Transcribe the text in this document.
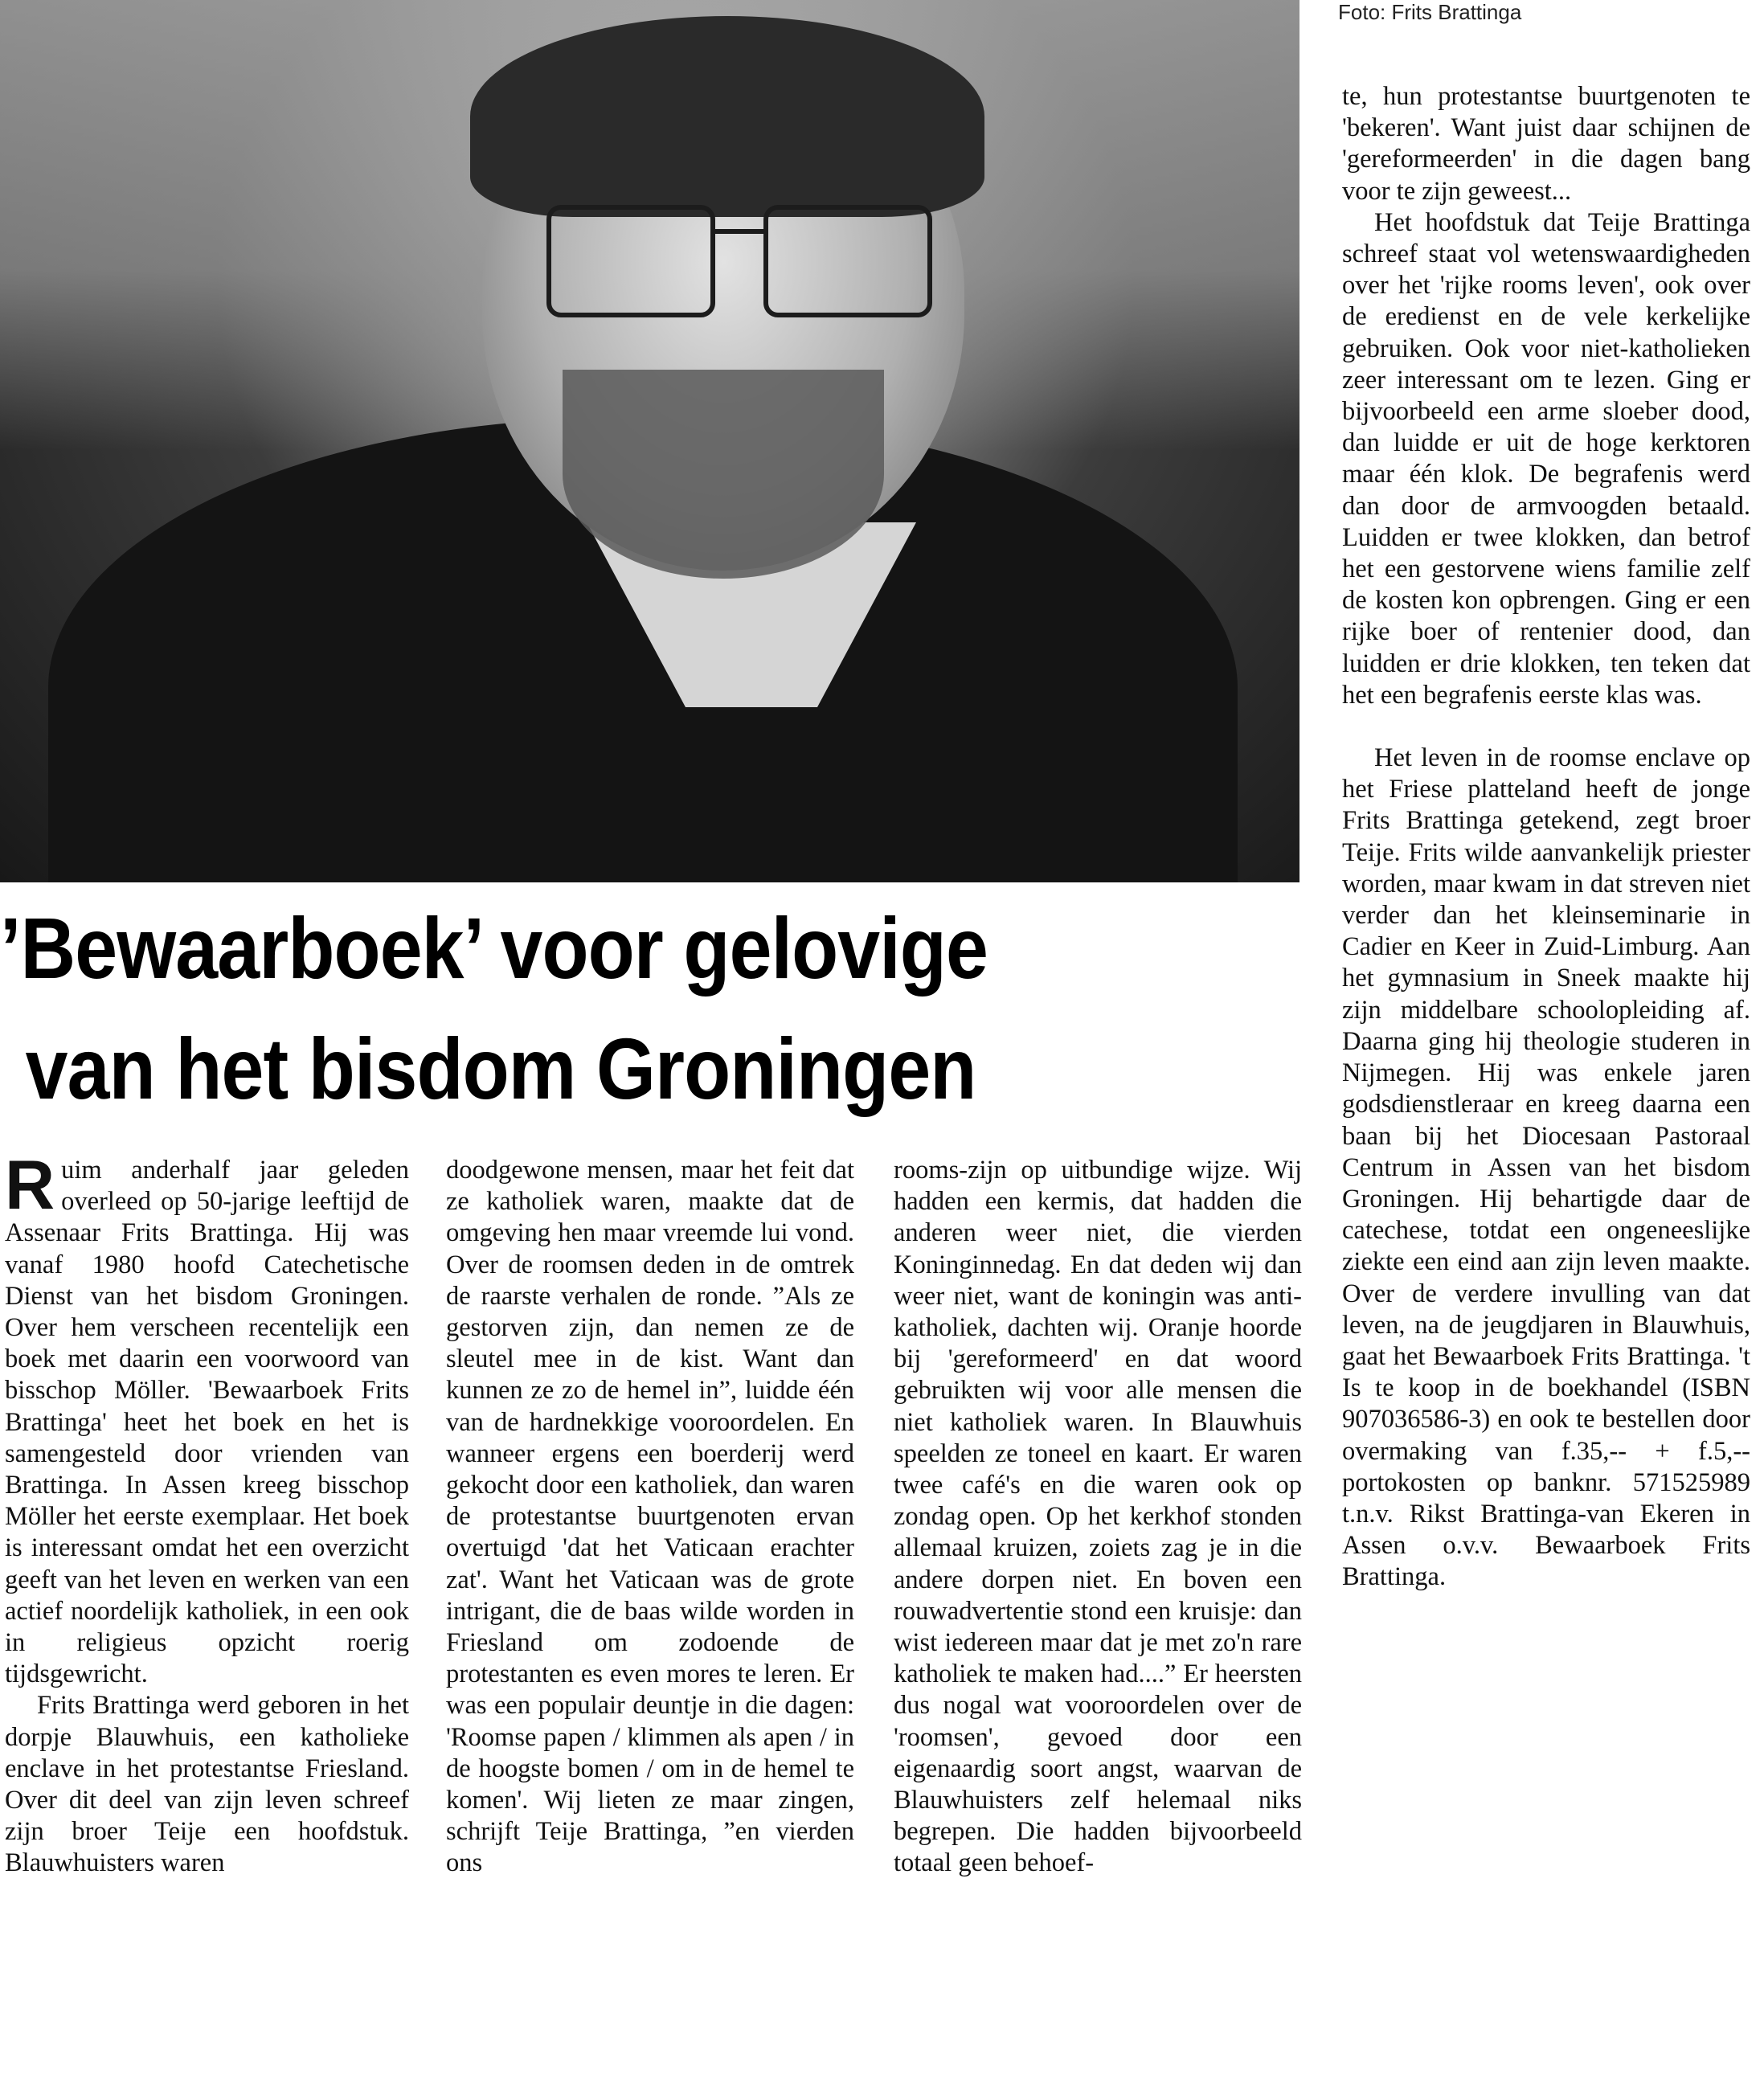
Foto: Frits Brattinga
’Bewaarboek’ voor gelovige
van het bisdom Groningen

Ruim anderhalf jaar geleden overleed op 50-jarige leeftijd de Assenaar Frits Brattinga. Hij was vanaf 1980 hoofd Catechetische Dienst van het bisdom Groningen. Over hem verscheen recentelijk een boek met daarin een voorwoord van bisschop Möller. 'Bewaarboek Frits Brattinga' heet het boek en het is samengesteld door vrienden van Brattinga. In Assen kreeg bisschop Möller het eerste exemplaar. Het boek is interessant omdat het een overzicht geeft van het leven en werken van een actief noordelijk katholiek, in een ook in religieus opzicht roerig tijdsgewricht.

Frits Brattinga werd geboren in het dorpje Blauwhuis, een katholieke enclave in het protestantse Friesland. Over dit deel van zijn leven schreef zijn broer Teije een hoofdstuk. Blauwhuisters waren

doodgewone mensen, maar het feit dat ze katholiek waren, maakte dat de omgeving hen maar vreemde lui vond. Over de roomsen deden in de omtrek de raarste verhalen de ronde. ”Als ze gestorven zijn, dan nemen ze de sleutel mee in de kist. Want dan kunnen ze zo de hemel in”, luidde één van de hardnekkige vooroordelen. En wanneer ergens een boerderij werd gekocht door een katholiek, dan waren de protestantse buurtgenoten ervan overtuigd 'dat het Vaticaan erachter zat'. Want het Vaticaan was de grote intrigant, die de baas wilde worden in Friesland om zodoende de protestanten es even mores te leren. Er was een populair deuntje in die dagen: 'Roomse papen / klimmen als apen / in de hoogste bomen / om in de hemel te komen'. Wij lieten ze maar zingen, schrijft Teije Brattinga, ”en vierden ons

rooms-zijn op uitbundige wijze. Wij hadden een kermis, dat hadden die anderen weer niet, die vierden Koninginnedag. En dat deden wij dan weer niet, want de koningin was anti-katholiek, dachten wij. Oranje hoorde bij 'gereformeerd' en dat woord gebruikten wij voor alle mensen die niet katholiek waren. In Blauwhuis speelden ze toneel en kaart. Er waren twee café's en die waren ook op zondag open. Op het kerkhof stonden allemaal kruizen, zoiets zag je in die andere dorpen niet. En boven een rouwadvertentie stond een kruisje: dan wist iedereen maar dat je met zo'n rare katholiek te maken had....” Er heersten dus nogal wat vooroordelen over de 'roomsen', gevoed door een eigenaardig soort angst, waarvan de Blauwhuisters zelf helemaal niks begrepen. Die hadden bijvoorbeeld totaal geen behoef-

te, hun protestantse buurtgenoten te 'bekeren'. Want juist daar schijnen de 'gereformeerden' in die dagen bang voor te zijn geweest...

Het hoofdstuk dat Teije Brattinga schreef staat vol wetenswaardigheden over het 'rijke rooms leven', ook over de eredienst en de vele kerkelijke gebruiken. Ook voor niet-katholieken zeer interessant om te lezen. Ging er bijvoorbeeld een arme sloeber dood, dan luidde er uit de hoge kerktoren maar één klok. De begrafenis werd dan door de armvoogden betaald. Luidden er twee klokken, dan betrof het een gestorvene wiens familie zelf de kosten kon opbrengen. Ging er een rijke boer of rentenier dood, dan luidden er drie klokken, ten teken dat het een begrafenis eerste klas was.

Het leven in de roomse enclave op het Friese platteland heeft de jonge Frits Brattinga getekend, zegt broer Teije. Frits wilde aanvankelijk priester worden, maar kwam in dat streven niet verder dan het kleinseminarie in Cadier en Keer in Zuid-Limburg. Aan het gymnasium in Sneek maakte hij zijn middelbare schoolopleiding af. Daarna ging hij theologie studeren in Nijmegen. Hij was enkele jaren godsdienstleraar en kreeg daarna een baan bij het Diocesaan Pastoraal Centrum in Assen van het bisdom Groningen. Hij behartigde daar de catechese, totdat een ongeneeslijke ziekte een eind aan zijn leven maakte. Over de verdere invulling van dat leven, na de jeugdjaren in Blauwhuis, gaat het Bewaarboek Frits Brattinga. 't Is te koop in de boekhandel (ISBN 907036586-3) en ook te bestellen door overmaking van f.35,-- + f.5,-- portokosten op banknr. 571525989 t.n.v. Rikst Brattinga-van Ekeren in Assen o.v.v. Bewaarboek Frits Brattinga.
